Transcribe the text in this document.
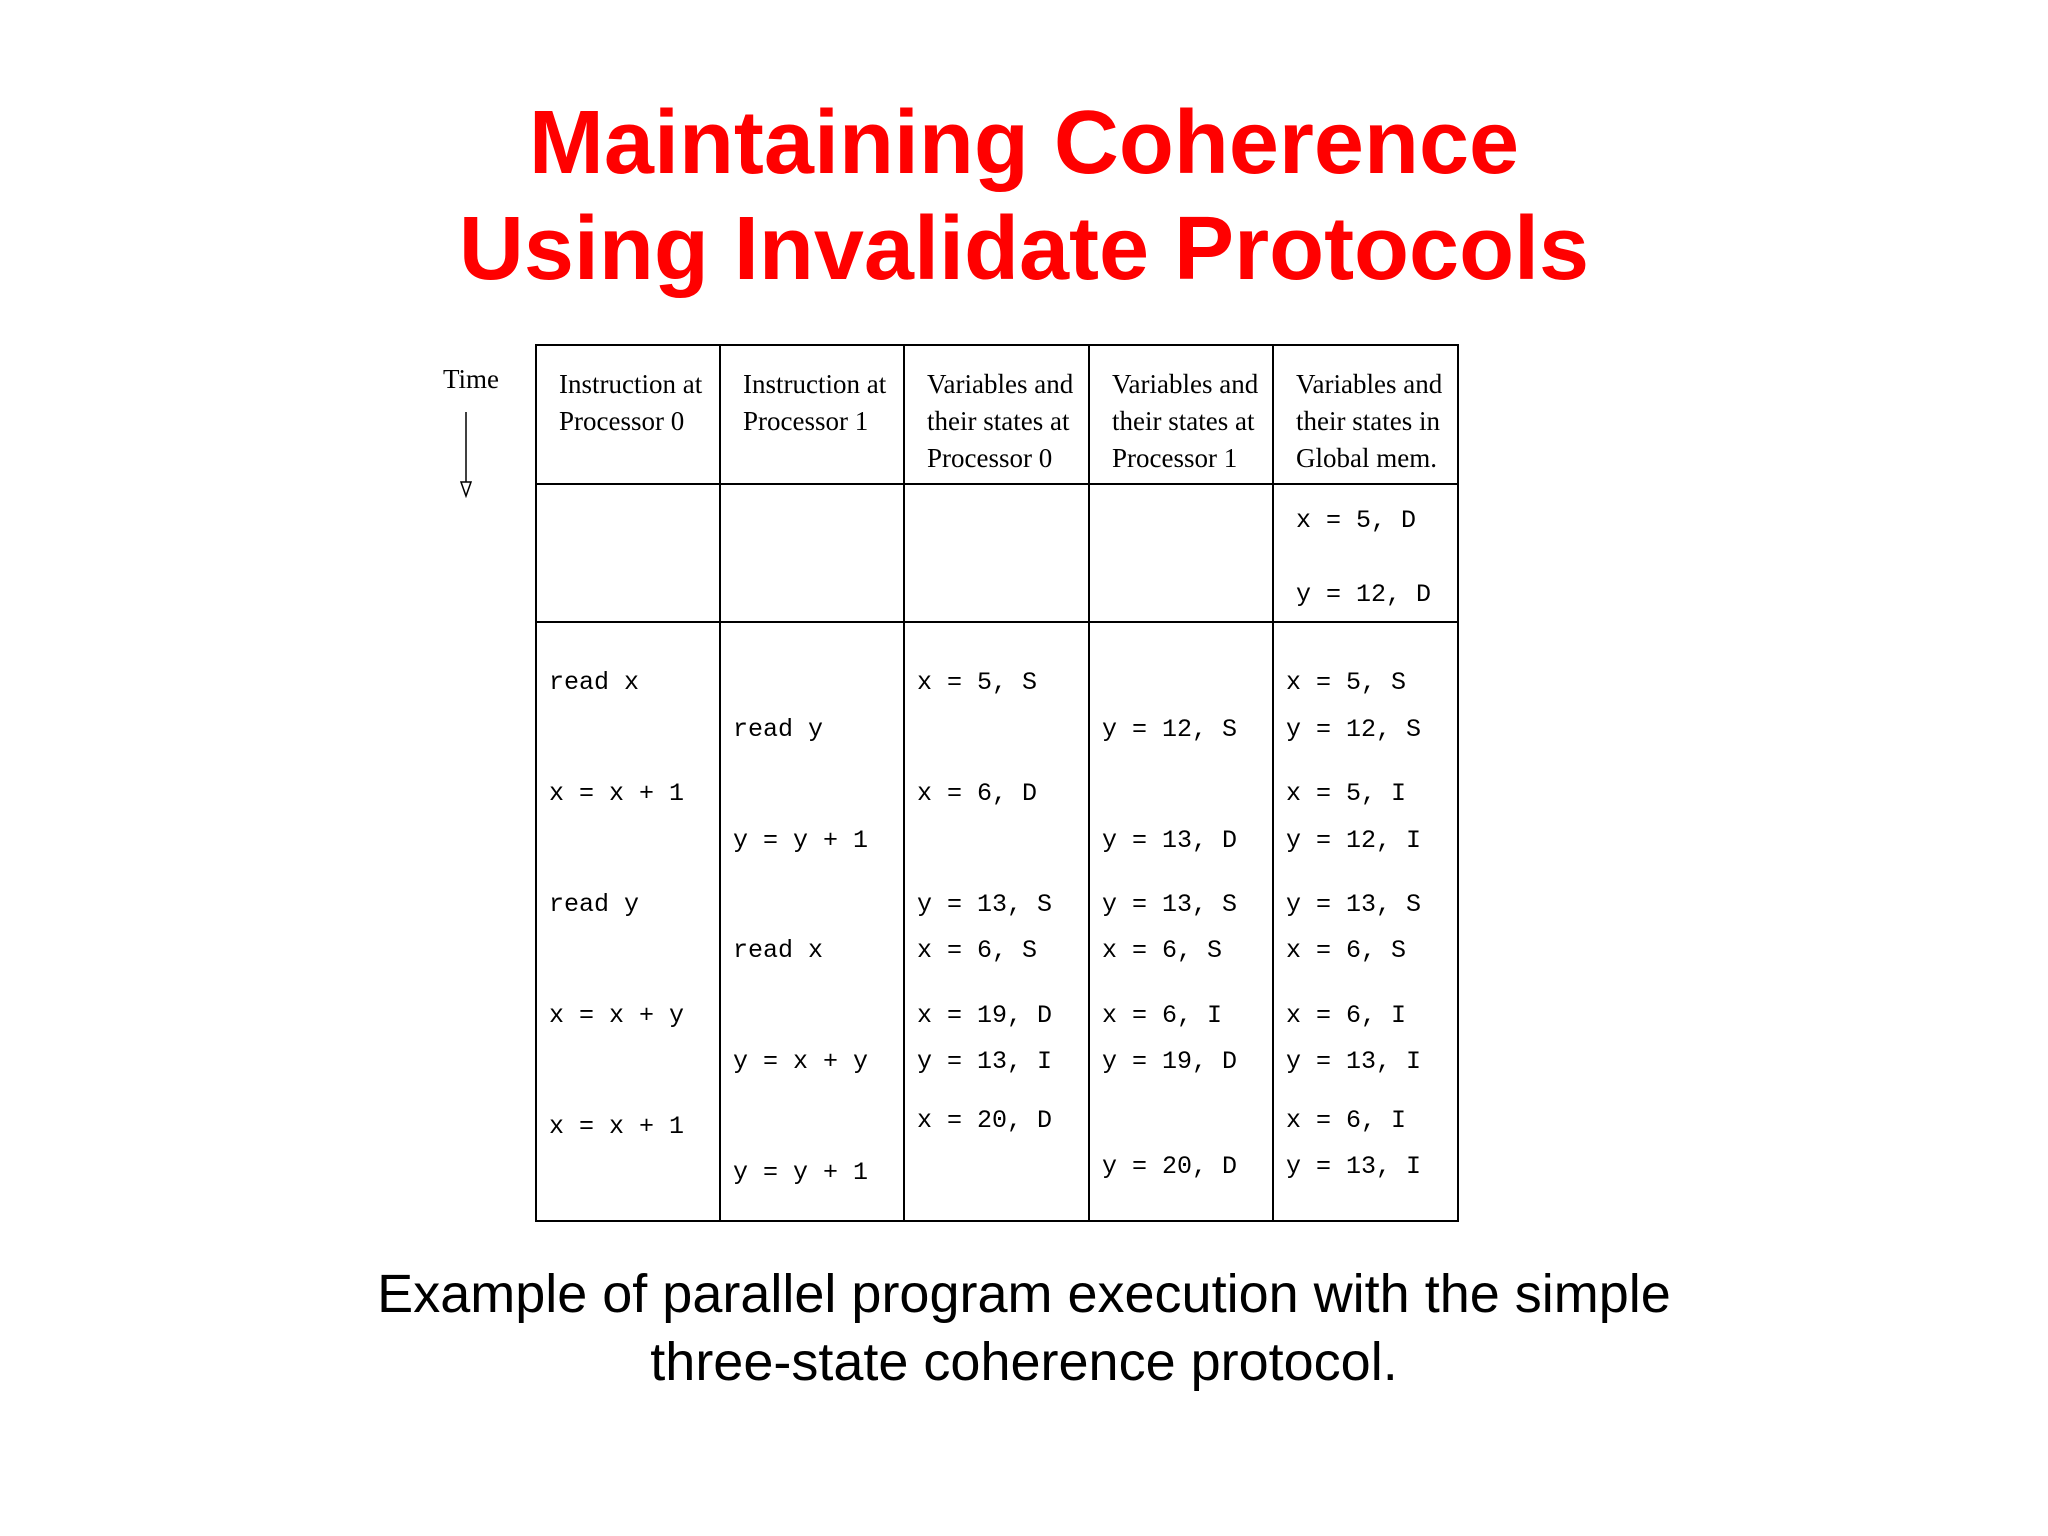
Maintaining Coherence
Using Invalidate Protocols
Time Instruction at
Processor 0
Instruction at
Processor 1
Variables and
their states at
Processor 0
Variables and
their states at
Processor 1
Variables and
their states in
Global mem.
x = 5, D
y = 12, D
read x
x = x + 1
read y
x = x + y
x = x + 1
read y
y = y + 1
read x
y = x + y
y = y + 1
x = 5, S
x = 6, D
y = 13, S
x = 6, S
x = 19, D
y = 13, I
x = 20, D
y = 12, S
y = 13, D
y = 13, S
x = 6, S
x = 6, I
y = 19, D
y = 20, D
x = 5, S
y = 12, S
x = 5, I
y = 12, I
y = 13, S
x = 6, S
x = 6, I
y = 13, I
x = 6, I
y = 13, I

Example of parallel program execution with the simple
three-state coherence protocol.
